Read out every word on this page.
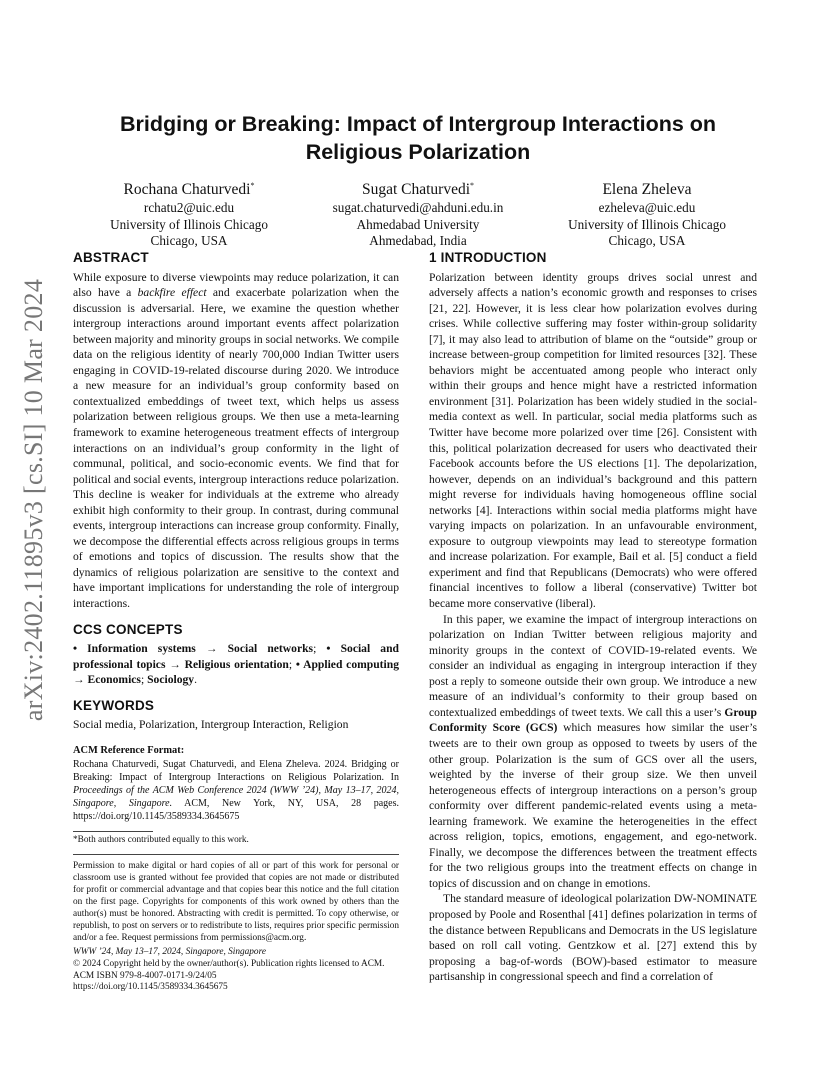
arXiv:2402.11895v3 [cs.SI] 10 Mar 2024
Bridging or Breaking: Impact of Intergroup Interactions on Religious Polarization
Rochana Chaturvedi*
rchatu2@uic.edu
University of Illinois Chicago
Chicago, USA
Sugat Chaturvedi*
sugat.chaturvedi@ahduni.edu.in
Ahmedabad University
Ahmedabad, India
Elena Zheleva
ezheleva@uic.edu
University of Illinois Chicago
Chicago, USA
ABSTRACT

While exposure to diverse viewpoints may reduce polarization, it can also have a backfire effect and exacerbate polarization when the discussion is adversarial. Here, we examine the question whether intergroup interactions around important events affect polarization between majority and minority groups in social networks. We compile data on the religious identity of nearly 700,000 Indian Twitter users engaging in COVID-19-related discourse during 2020. We introduce a new measure for an individual’s group conformity based on contextualized embeddings of tweet text, which helps us assess polarization between religious groups. We then use a meta-learning framework to examine heterogeneous treatment effects of intergroup interactions on an individual’s group conformity in the light of communal, political, and socio-economic events. We find that for political and social events, intergroup interactions reduce polarization. This decline is weaker for individuals at the extreme who already exhibit high conformity to their group. In contrast, during communal events, intergroup interactions can increase group conformity. Finally, we decompose the differential effects across religious groups in terms of emotions and topics of discussion. The results show that the dynamics of religious polarization are sensitive to the context and have important implications for understanding the role of intergroup interactions.

CCS CONCEPTS

• Information systems → Social networks; • Social and professional topics → Religious orientation; • Applied computing → Economics; Sociology.

KEYWORDS

Social media, Polarization, Intergroup Interaction, Religion

ACM Reference Format:

Rochana Chaturvedi, Sugat Chaturvedi, and Elena Zheleva. 2024. Bridging or Breaking: Impact of Intergroup Interactions on Religious Polarization. In Proceedings of the ACM Web Conference 2024 (WWW ’24), May 13–17, 2024, Singapore, Singapore. ACM, New York, NY, USA, 28 pages. https://doi.org/10.1145/3589334.3645675

*Both authors contributed equally to this work.
Permission to make digital or hard copies of all or part of this work for personal or classroom use is granted without fee provided that copies are not made or distributed for profit or commercial advantage and that copies bear this notice and the full citation on the first page. Copyrights for components of this work owned by others than the author(s) must be honored. Abstracting with credit is permitted. To copy otherwise, or republish, to post on servers or to redistribute to lists, requires prior specific permission and/or a fee. Request permissions from permissions@acm.org.
WWW ’24, May 13–17, 2024, Singapore, Singapore
© 2024 Copyright held by the owner/author(s). Publication rights licensed to ACM.
ACM ISBN 979-8-4007-0171-9/24/05
https://doi.org/10.1145/3589334.3645675
1 INTRODUCTION

Polarization between identity groups drives social unrest and adversely affects a nation’s economic growth and responses to crises [21, 22]. However, it is less clear how polarization evolves during crises. While collective suffering may foster within-group solidarity [7], it may also lead to attribution of blame on the “outside” group or increase between-group competition for limited resources [32]. These behaviors might be accentuated among people who interact only within their groups and hence might have a restricted information environment [31]. Polarization has been widely studied in the social-media context as well. In particular, social media platforms such as Twitter have become more polarized over time [26]. Consistent with this, political polarization decreased for users who deactivated their Facebook accounts before the US elections [1]. The depolarization, however, depends on an individual’s background and this pattern might reverse for individuals having homogeneous offline social networks [4]. Interactions within social media platforms might have varying impacts on polarization. In an unfavourable environment, exposure to outgroup viewpoints may lead to stereotype formation and increase polarization. For example, Bail et al. [5] conduct a field experiment and find that Republicans (Democrats) who were offered financial incentives to follow a liberal (conservative) Twitter bot became more conservative (liberal).

In this paper, we examine the impact of intergroup interactions on polarization on Indian Twitter between religious majority and minority groups in the context of COVID-19-related events. We consider an individual as engaging in intergroup interaction if they post a reply to someone outside their own group. We introduce a new measure of an individual’s conformity to their group based on contextualized embeddings of tweet texts. We call this a user’s Group Conformity Score (GCS) which measures how similar the user’s tweets are to their own group as opposed to tweets by users of the other group. Polarization is the sum of GCS over all the users, weighted by the inverse of their group size. We then unveil heterogeneous effects of intergroup interactions on a person’s group conformity over different pandemic-related events using a meta-learning framework. We examine the heterogeneities in the effect across religion, topics, emotions, engagement, and ego-network. Finally, we decompose the differences between the treatment effects for the two religious groups into the treatment effects on change in topics of discussion and on change in emotions.

The standard measure of ideological polarization DW-NOMINATE proposed by Poole and Rosenthal [41] defines polarization in terms of the distance between Republicans and Democrats in the US legislature based on roll call voting. Gentzkow et al. [27] extend this by proposing a bag-of-words (BOW)-based estimator to measure partisanship in congressional speech and find a correlation of
